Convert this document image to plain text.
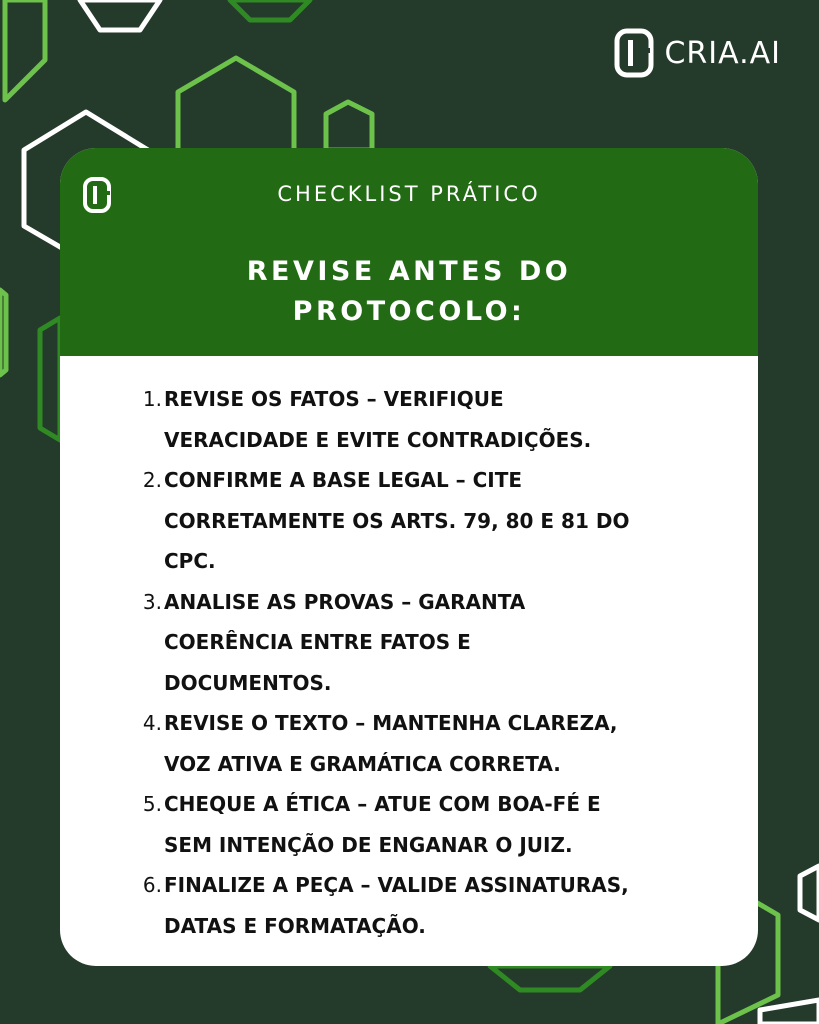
CRIA.AI
CHECKLIST PRÁTICO
REVISE ANTES DO
PROTOCOLO:
1. REVISE OS FATOS – VERIFIQUE
VERACIDADE E EVITE CONTRADIÇÕES.
2. CONFIRME A BASE LEGAL – CITE
CORRETAMENTE OS ARTS. 79, 80 E 81 DO
CPC.
3. ANALISE AS PROVAS – GARANTA
COERÊNCIA ENTRE FATOS E
DOCUMENTOS.
4. REVISE O TEXTO – MANTENHA CLAREZA,
VOZ ATIVA E GRAMÁTICA CORRETA.
5. CHEQUE A ÉTICA – ATUE COM BOA-FÉ E
SEM INTENÇÃO DE ENGANAR O JUIZ.
6. FINALIZE A PEÇA – VALIDE ASSINATURAS,
DATAS E FORMATAÇÃO.
